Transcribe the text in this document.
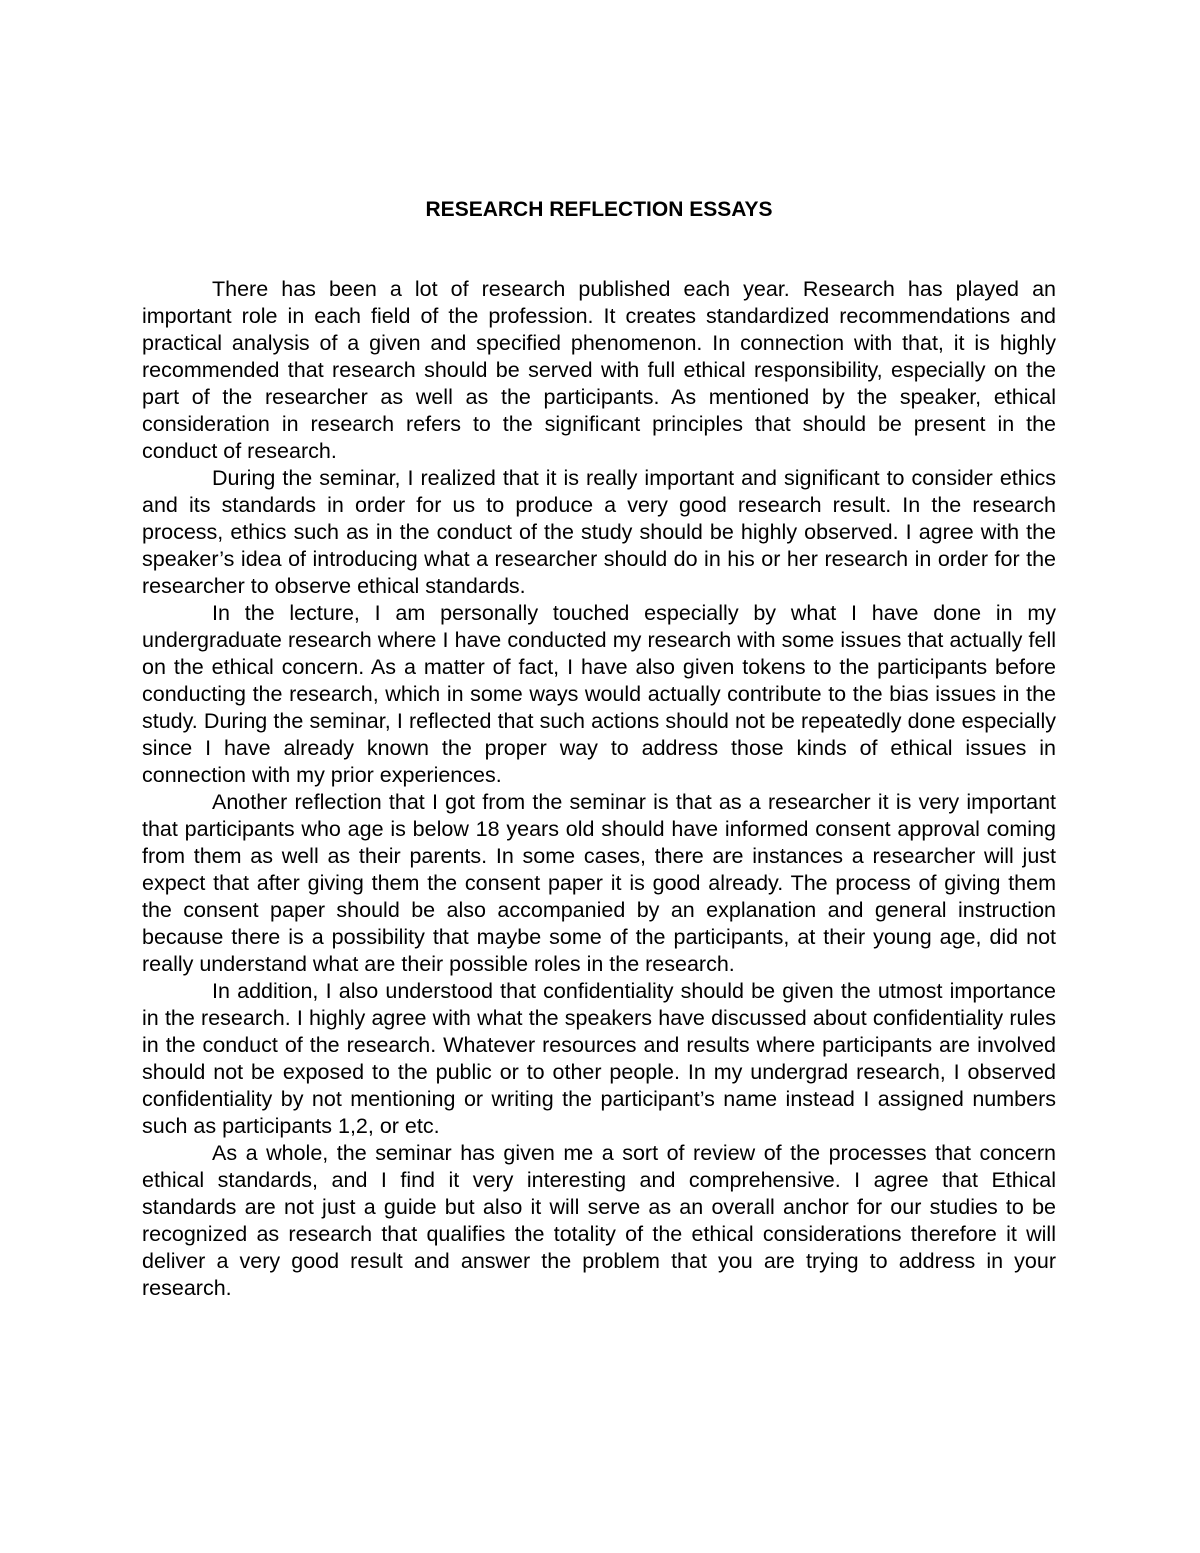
RESEARCH REFLECTION ESSAYS

There has been a lot of research published each year. Research has played an important role in each field of the profession. It creates standardized recommendations and practical analysis of a given and specified phenomenon. In connection with that, it is highly recommended that research should be served with full ethical responsibility, especially on the part of the researcher as well as the participants. As mentioned by the speaker, ethical consideration in research refers to the significant principles that should be present in the conduct of research.

During the seminar, I realized that it is really important and significant to consider ethics and its standards in order for us to produce a very good research result. In the research process, ethics such as in the conduct of the study should be highly observed. I agree with the speaker’s idea of introducing what a researcher should do in his or her research in order for the researcher to observe ethical standards.

In the lecture, I am personally touched especially by what I have done in my undergraduate research where I have conducted my research with some issues that actually fell on the ethical concern. As a matter of fact, I have also given tokens to the participants before conducting the research, which in some ways would actually contribute to the bias issues in the study. During the seminar, I reflected that such actions should not be repeatedly done especially since I have already known the proper way to address those kinds of ethical issues in connection with my prior experiences.

Another reflection that I got from the seminar is that as a researcher it is very important that participants who age is below 18 years old should have informed consent approval coming from them as well as their parents. In some cases, there are instances a researcher will just expect that after giving them the consent paper it is good already. The process of giving them the consent paper should be also accompanied by an explanation and general instruction because there is a possibility that maybe some of the participants, at their young age, did not really understand what are their possible roles in the research.

In addition, I also understood that confidentiality should be given the utmost importance in the research. I highly agree with what the speakers have discussed about confidentiality rules in the conduct of the research. Whatever resources and results where participants are involved should not be exposed to the public or to other people. In my undergrad research, I observed confidentiality by not mentioning or writing the participant’s name instead I assigned numbers such as participants 1,2, or etc.

As a whole, the seminar has given me a sort of review of the processes that concern ethical standards, and I find it very interesting and comprehensive. I agree that Ethical standards are not just a guide but also it will serve as an overall anchor for our studies to be recognized as research that qualifies the totality of the ethical considerations therefore it will deliver a very good result and answer the problem that you are trying to address in your research.
